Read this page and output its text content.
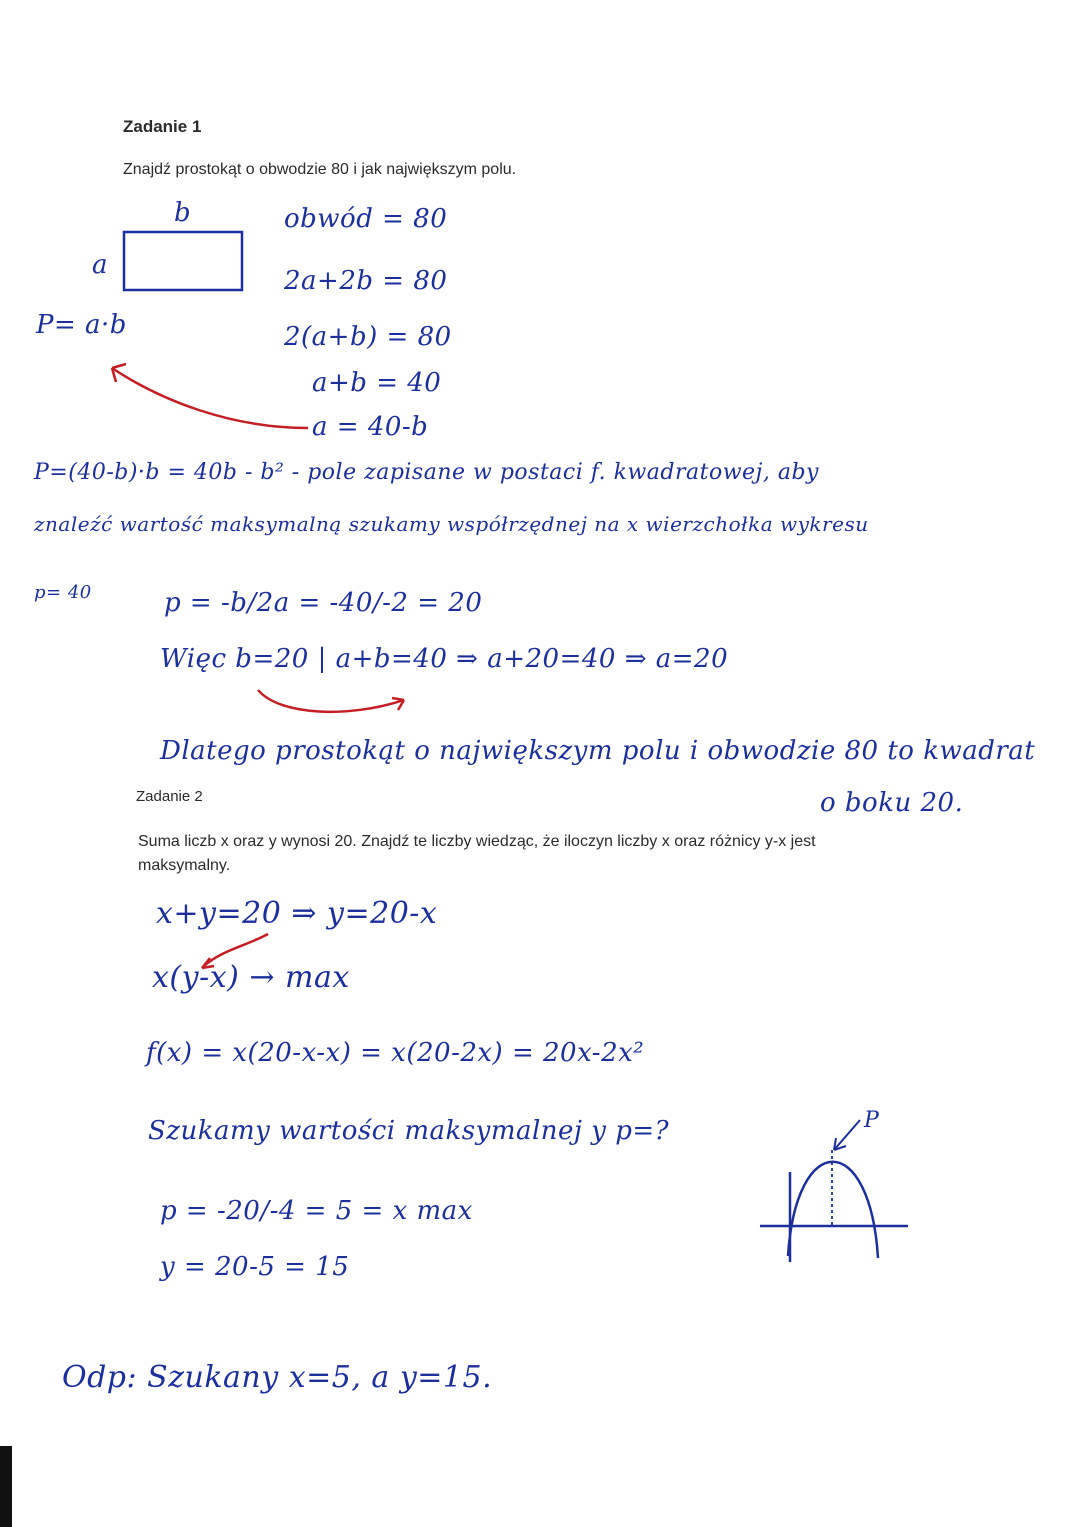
Zadanie 1
Znajdź prostokąt o obwodzie 80 i jak największym polu.
Zadanie 2
Suma liczb x oraz y wynosi 20. Znajdź te liczby wiedząc, że iloczyn liczby x oraz różnicy y-x jest
maksymalny.
b
a
P= a·b
obwód = 80
2a+2b = 80
2(a+b) = 80
a+b = 40
a = 40-b
P=(40-b)·b = 40b - b² - pole zapisane w postaci f. kwadratowej, aby
znaleźć wartość maksymalną szukamy współrzędnej na x wierzchołka wykresu
p= 40	p = -b/2a = -40/-2 = 20
Więc b=20 | a+b=40 ⇒ a+20=40 ⇒ a=20
Dlatego prostokąt o największym polu i obwodzie 80 to kwadrat
o boku 20.
x+y=20 ⇒ y=20-x
x(y-x) → max
f(x) = x(20-x-x) = x(20-2x) = 20x-2x²
Szukamy wartości maksymalnej y p=?
p = -20/-4 = 5 = x max
y = 20-5 = 15
Odp: Szukany x=5, a y=15.
P
